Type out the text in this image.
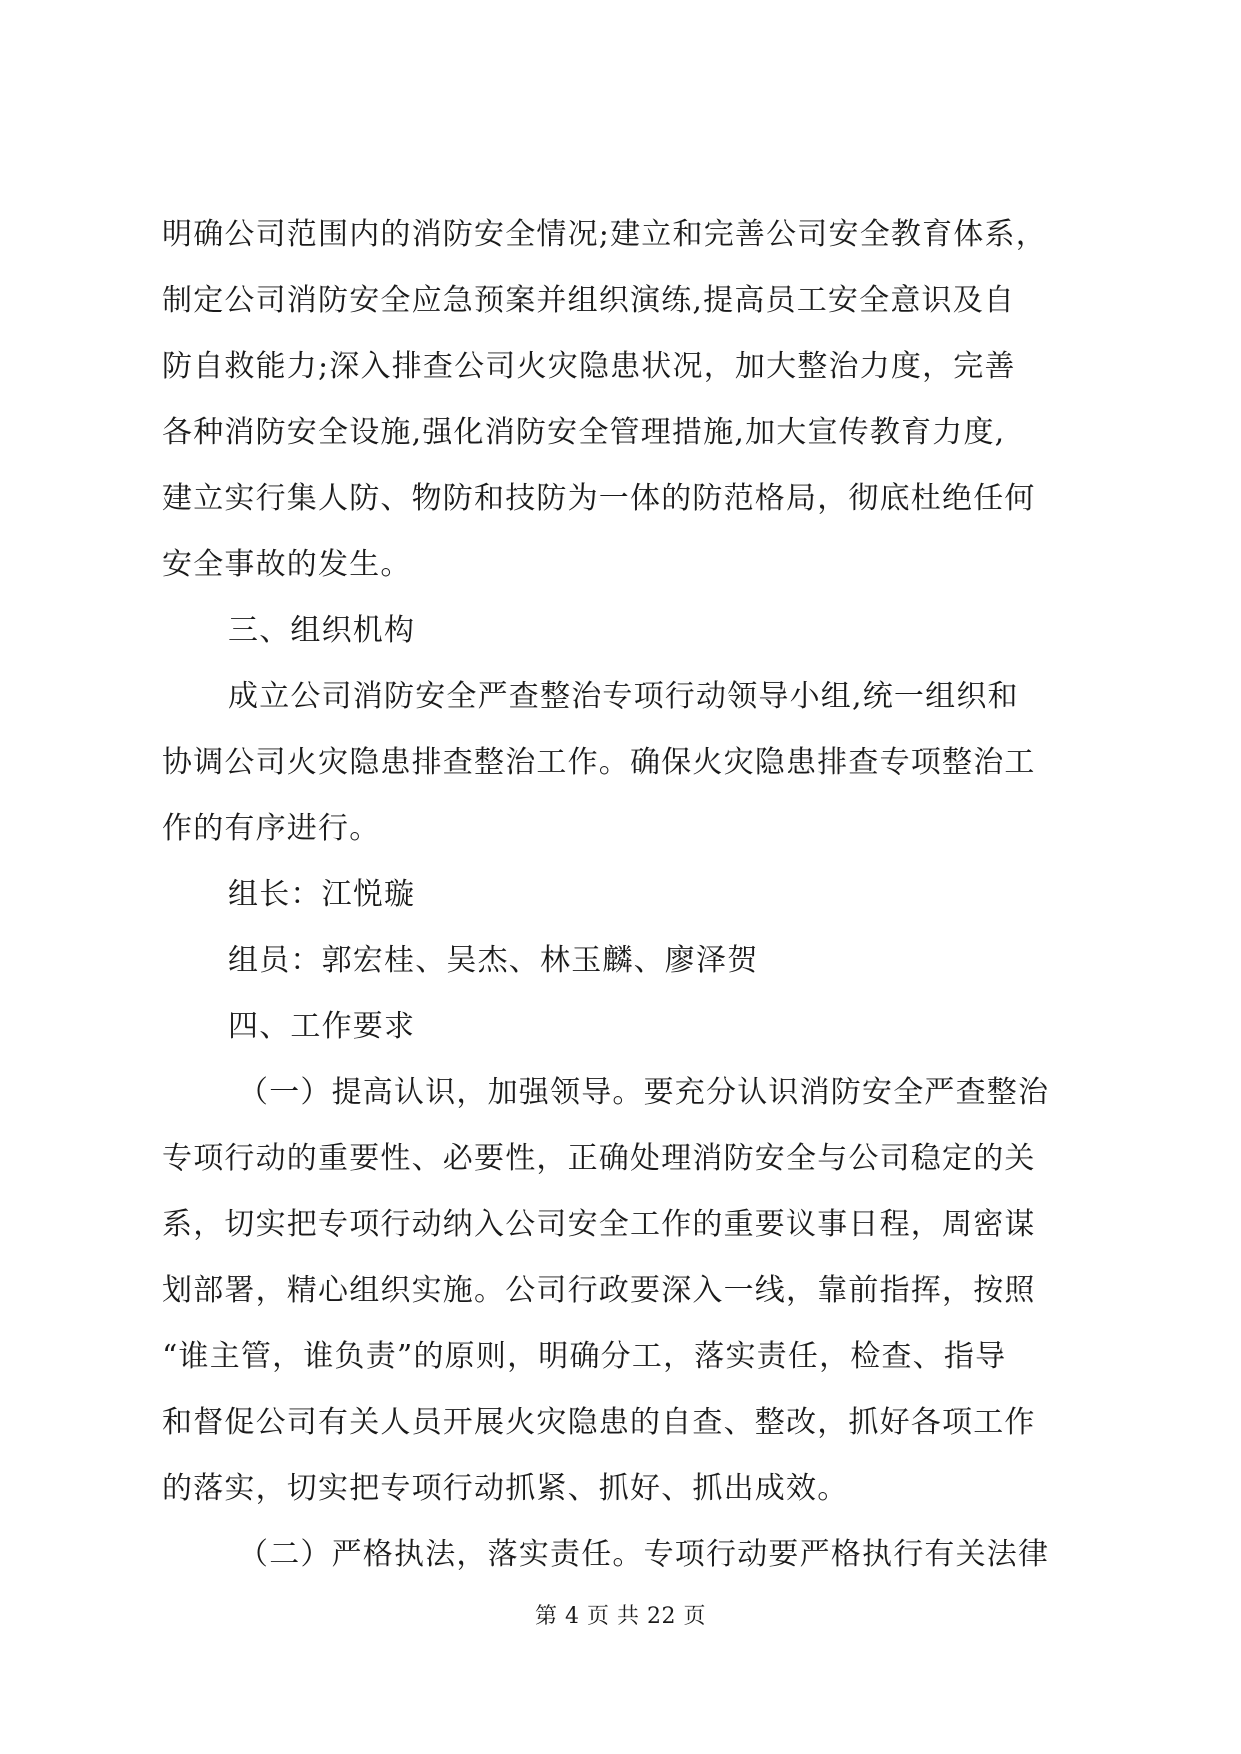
明确公司范围内的消防安全情况;建立和完善公司安全教育体系，
制定公司消防安全应急预案并组织演练,提高员工安全意识及自
防自救能力;深入排查公司火灾隐患状况，加大整治力度，完善
各种消防安全设施,强化消防安全管理措施,加大宣传教育力度,
建立实行集人防、物防和技防为一体的防范格局，彻底杜绝任何
安全事故的发生。
三、组织机构
成立公司消防安全严查整治专项行动领导小组,统一组织和
协调公司火灾隐患排查整治工作。确保火灾隐患排查专项整治工
作的有序进行。
组长：江悦璇
组员：郭宏桂、吴杰、林玉麟、廖泽贺
四、工作要求
（一）提高认识，加强领导。要充分认识消防安全严查整治
专项行动的重要性、必要性，正确处理消防安全与公司稳定的关
系，切实把专项行动纳入公司安全工作的重要议事日程，周密谋
划部署，精心组织实施。公司行政要深入一线，靠前指挥，按照
“谁主管，谁负责”的原则，明确分工，落实责任，检查、指导
和督促公司有关人员开展火灾隐患的自查、整改，抓好各项工作
的落实，切实把专项行动抓紧、抓好、抓出成效。
（二）严格执法，落实责任。专项行动要严格执行有关法律
第 4 页 共 22 页
